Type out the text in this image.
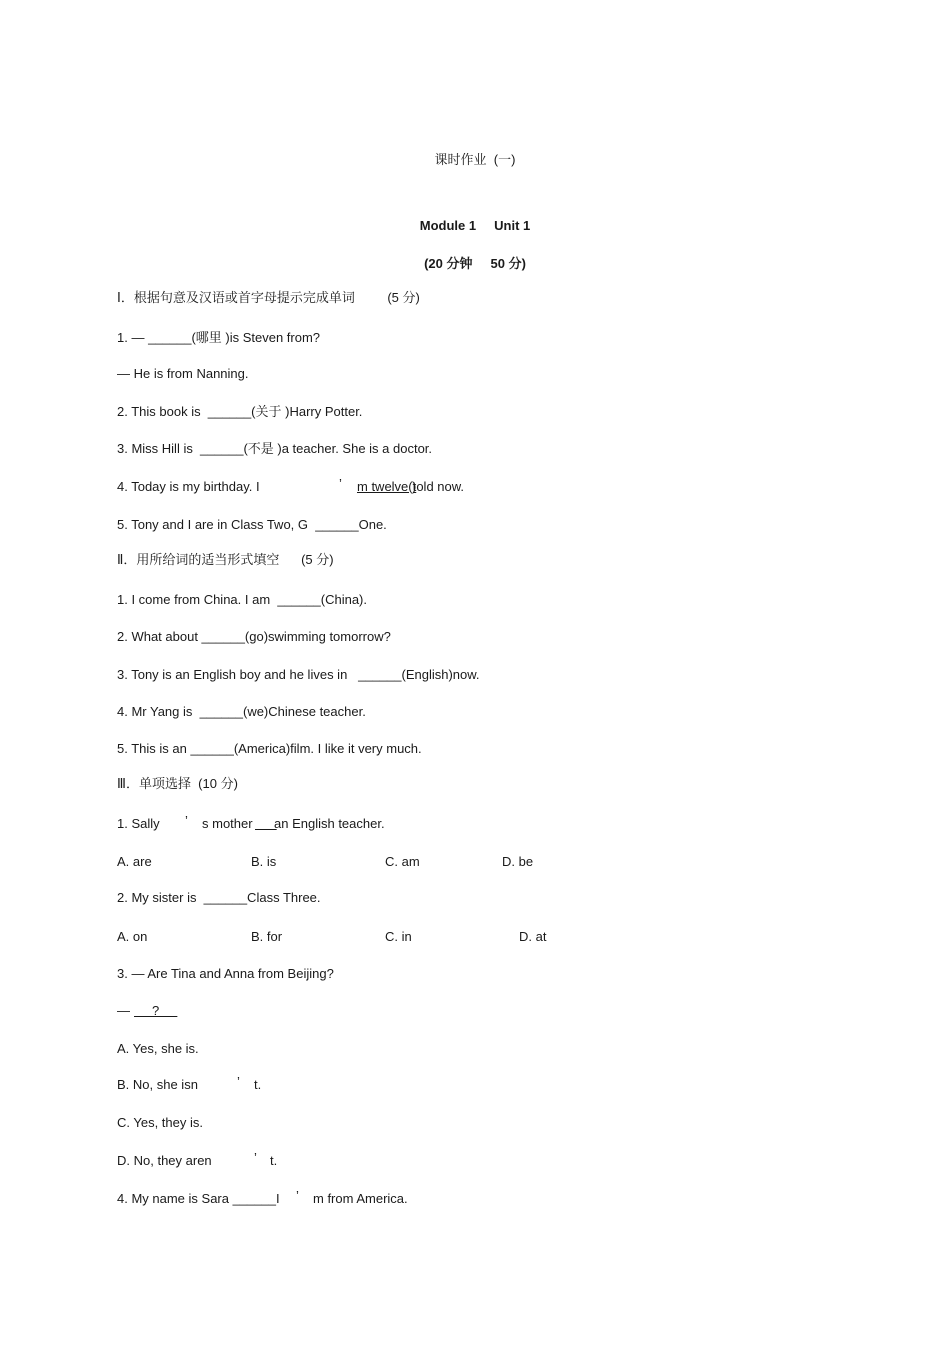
课时作业  (一)
Module 1     Unit 1
(20 分钟     50 分)
Ⅰ．根据句意及汉语或首字母提示完成单词         (5 分)
1. — ______(哪里 )is Steven from?
— He is from Nanning.
2. This book is  ______(关于 )Harry Potter.
3. Miss Hill is  ______(不是 )a teacher. She is a doctor.
4. Today is my birthday. I	’ m twelve(t
)old now.
5. Tony and I are in Class Two, G  ______One.
Ⅱ．用所给词的适当形式填空      (5 分)
1. I come from China. I am  ______(China).
2. What about ______(go)swimming tomorrow?
3. Tony is an English boy and he lives in   ______(English)now.
4. Mr Yang is  ______(we)Chinese teacher.
5. This is an ______(America)film. I like it very much.
Ⅲ．单项选择  (10 分)
1. Sally ’ s mother
an English teacher.
A. are	B. is	C. am	D. be
2. My sister is  ______Class Three.
A. on	B. for	C. in	D. at
3. — Are Tina and Anna from Beijing?
— ?
A. Yes, she is.
B. No, she isn	’ t.
C. Yes, they is.
D. No, they aren	’ t.
4. My name is Sara ______I ’ m from America.
